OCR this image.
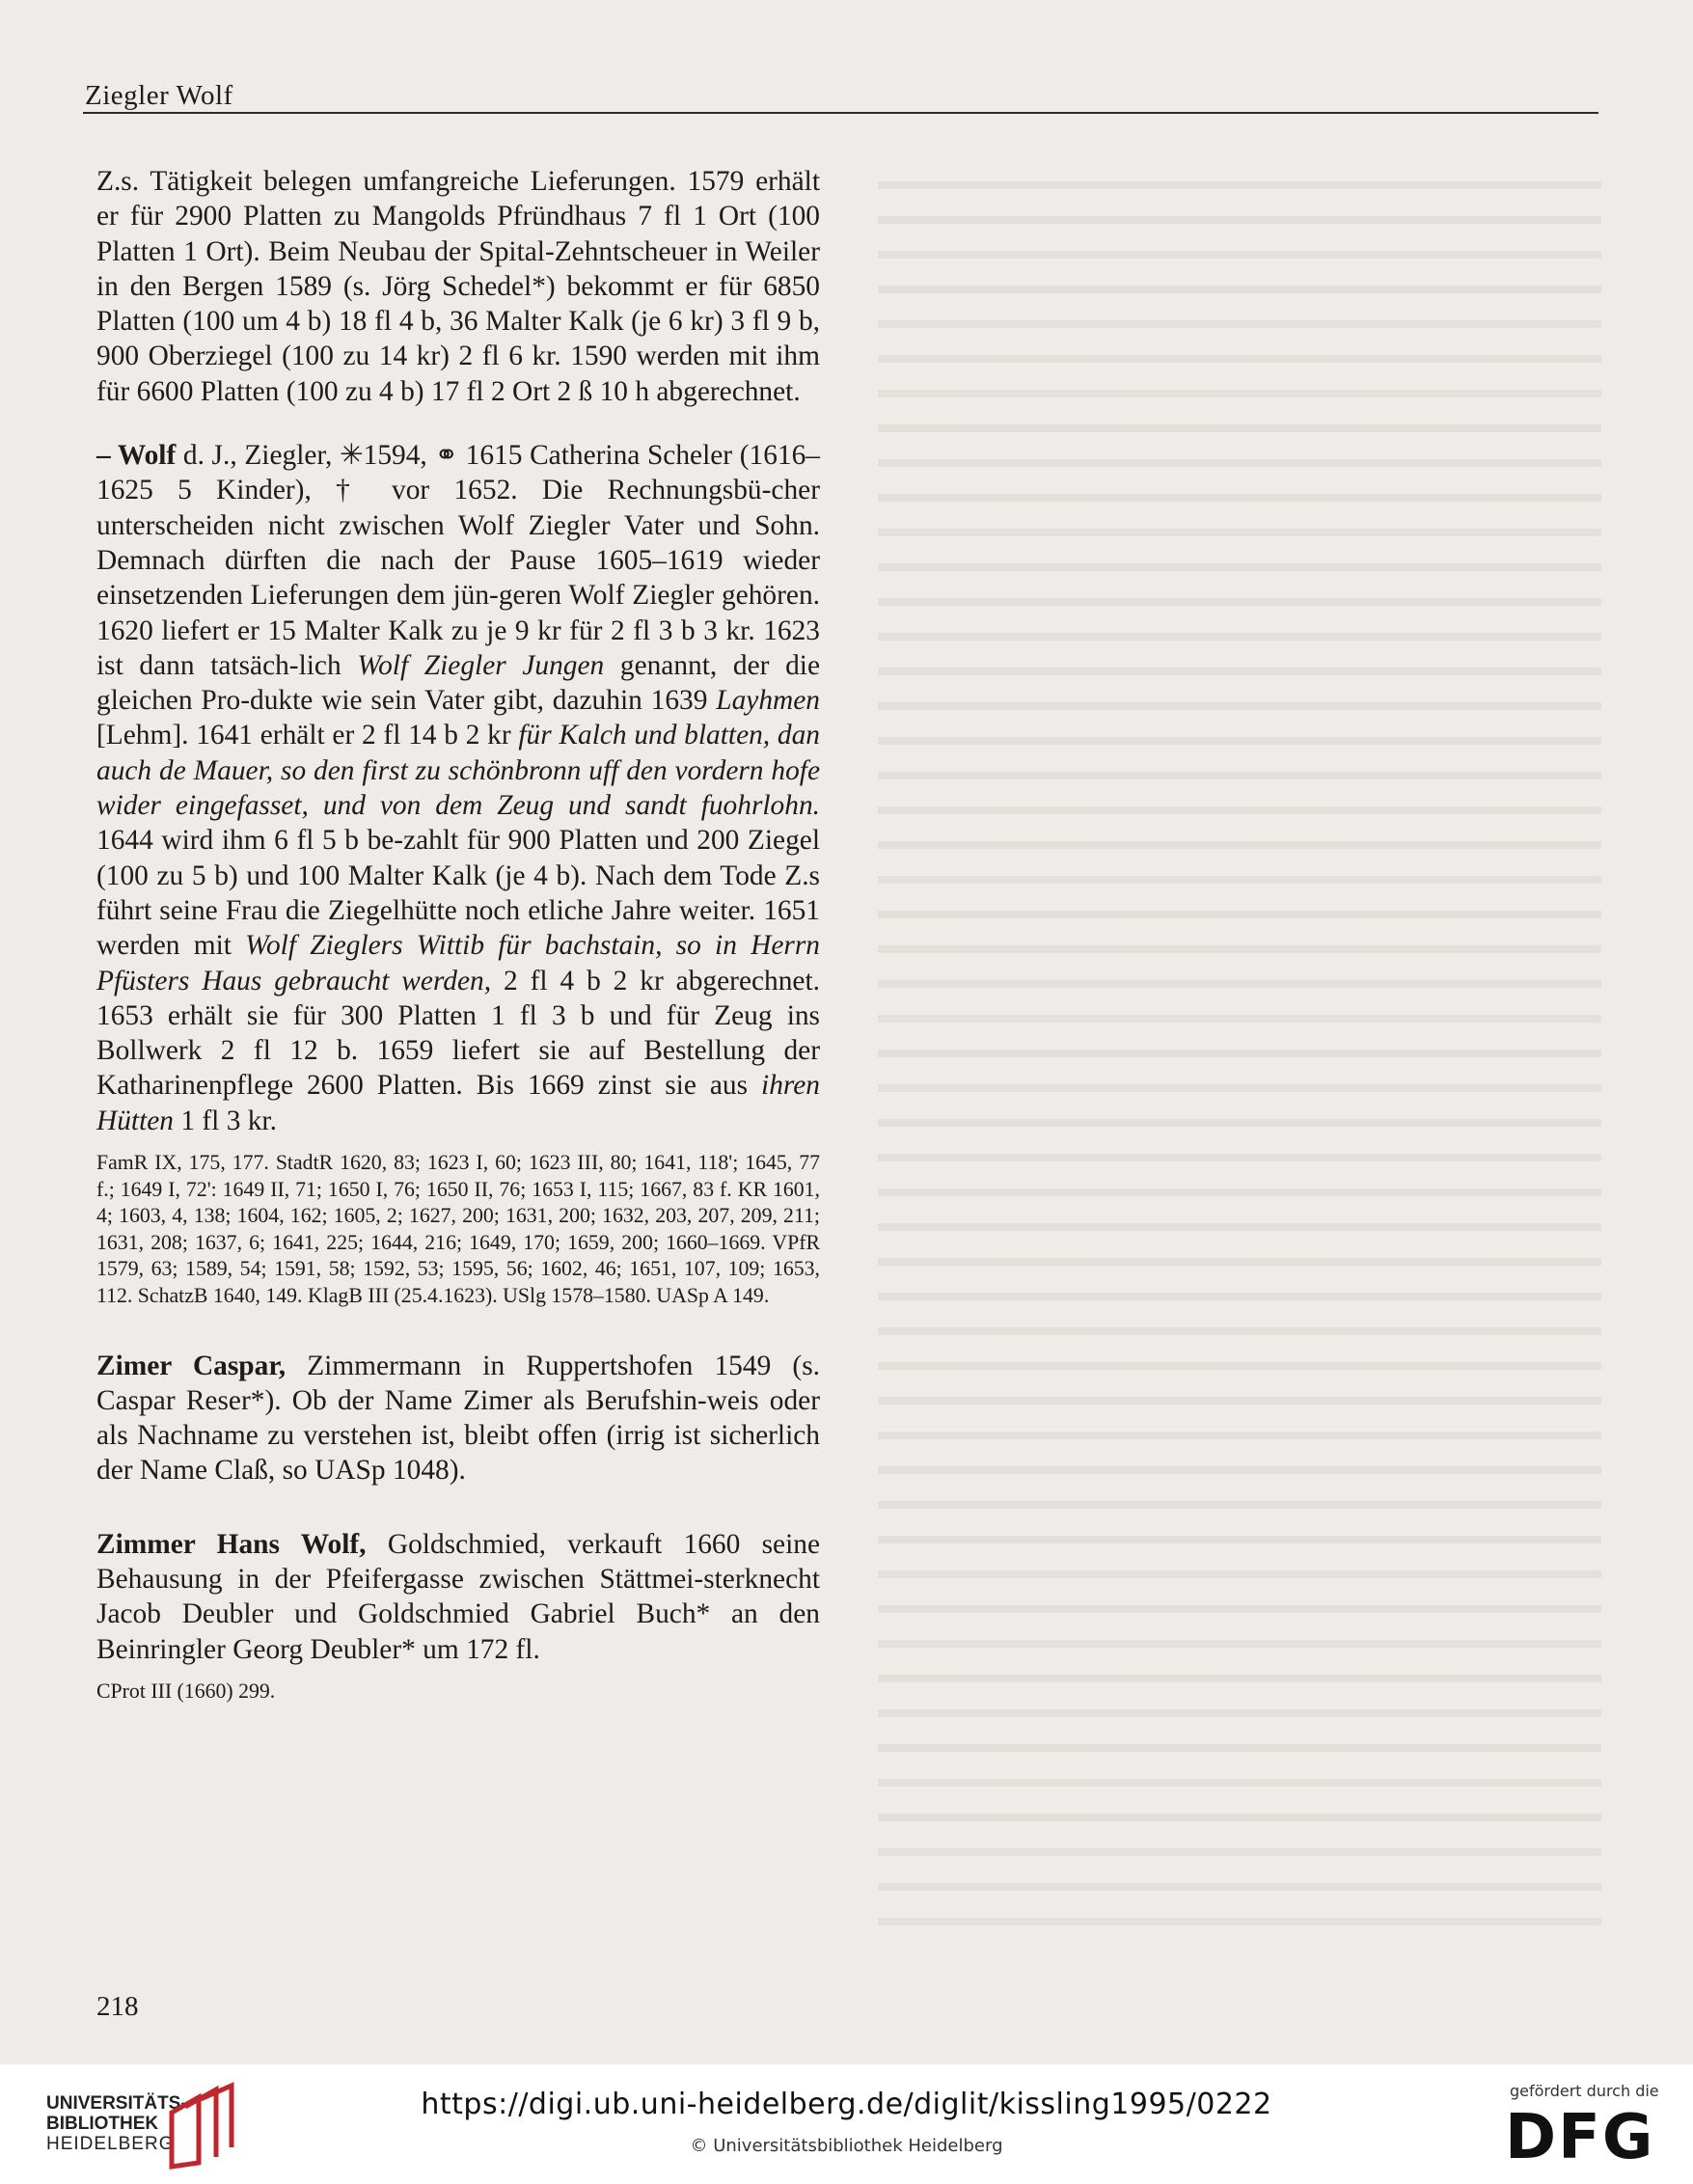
Ziegler Wolf

Z.s. Tätigkeit belegen umfangreiche Lieferungen. 1579 erhält er für 2900 Platten zu Mangolds Pfründhaus 7 fl 1 Ort (100 Platten 1 Ort). Beim Neubau der Spital-Zehntscheuer in Weiler in den Bergen 1589 (s. Jörg Schedel*) bekommt er für 6850 Platten (100 um 4 b) 18 fl 4 b, 36 Malter Kalk (je 6 kr) 3 fl 9 b, 900 Oberziegel (100 zu 14 kr) 2 fl 6 kr. 1590 werden mit ihm für 6600 Platten (100 zu 4 b) 17 fl 2 Ort 2 ß 10 h abgerechnet.

– Wolf d. J., Ziegler, ✳1594, ⚭ 1615 Catherina Scheler (1616–1625 5 Kinder), † vor 1652. Die Rechnungsbü-cher unterscheiden nicht zwischen Wolf Ziegler Vater und Sohn. Demnach dürften die nach der Pause 1605–1619 wieder einsetzenden Lieferungen dem jün-geren Wolf Ziegler gehören. 1620 liefert er 15 Malter Kalk zu je 9 kr für 2 fl 3 b 3 kr. 1623 ist dann tatsäch-lich Wolf Ziegler Jungen genannt, der die gleichen Pro-dukte wie sein Vater gibt, dazuhin 1639 Layhmen [Lehm]. 1641 erhält er 2 fl 14 b 2 kr für Kalch und blatten, dan auch de Mauer, so den first zu schönbronn uff den vordern hofe wider eingefasset, und von dem Zeug und sandt fuohrlohn. 1644 wird ihm 6 fl 5 b be-zahlt für 900 Platten und 200 Ziegel (100 zu 5 b) und 100 Malter Kalk (je 4 b). Nach dem Tode Z.s führt seine Frau die Ziegelhütte noch etliche Jahre weiter. 1651 werden mit Wolf Zieglers Wittib für bachstain, so in Herrn Pfüsters Haus gebraucht werden, 2 fl 4 b 2 kr abgerechnet. 1653 erhält sie für 300 Platten 1 fl 3 b und für Zeug ins Bollwerk 2 fl 12 b. 1659 liefert sie auf Bestellung der Katharinenpflege 2600 Platten. Bis 1669 zinst sie aus ihren Hütten 1 fl 3 kr.

FamR IX, 175, 177. StadtR 1620, 83; 1623 I, 60; 1623 III, 80; 1641, 118'; 1645, 77 f.; 1649 I, 72': 1649 II, 71; 1650 I, 76; 1650 II, 76; 1653 I, 115; 1667, 83 f. KR 1601, 4; 1603, 4, 138; 1604, 162; 1605, 2; 1627, 200; 1631, 200; 1632, 203, 207, 209, 211; 1631, 208; 1637, 6; 1641, 225; 1644, 216; 1649, 170; 1659, 200; 1660–1669. VPfR 1579, 63; 1589, 54; 1591, 58; 1592, 53; 1595, 56; 1602, 46; 1651, 107, 109; 1653, 112. SchatzB 1640, 149. KlagB III (25.4.1623). USlg 1578–1580. UASp A 149.

Zimer Caspar, Zimmermann in Ruppertshofen 1549 (s. Caspar Reser*). Ob der Name Zimer als Berufshin-weis oder als Nachname zu verstehen ist, bleibt offen (irrig ist sicherlich der Name Claß, so UASp 1048).

Zimmer Hans Wolf, Goldschmied, verkauft 1660 seine Behausung in der Pfeifergasse zwischen Stättmei-sterknecht Jacob Deubler und Goldschmied Gabriel Buch* an den Beinringler Georg Deubler* um 172 fl.

CProt III (1660) 299.

218
UNIVERSITÄTS-
BIBLIOTHEK
HEIDELBERG
https://digi.ub.uni-heidelberg.de/diglit/kissling1995/0222
© Universitätsbibliothek Heidelberg
gefördert durch die
DFG
